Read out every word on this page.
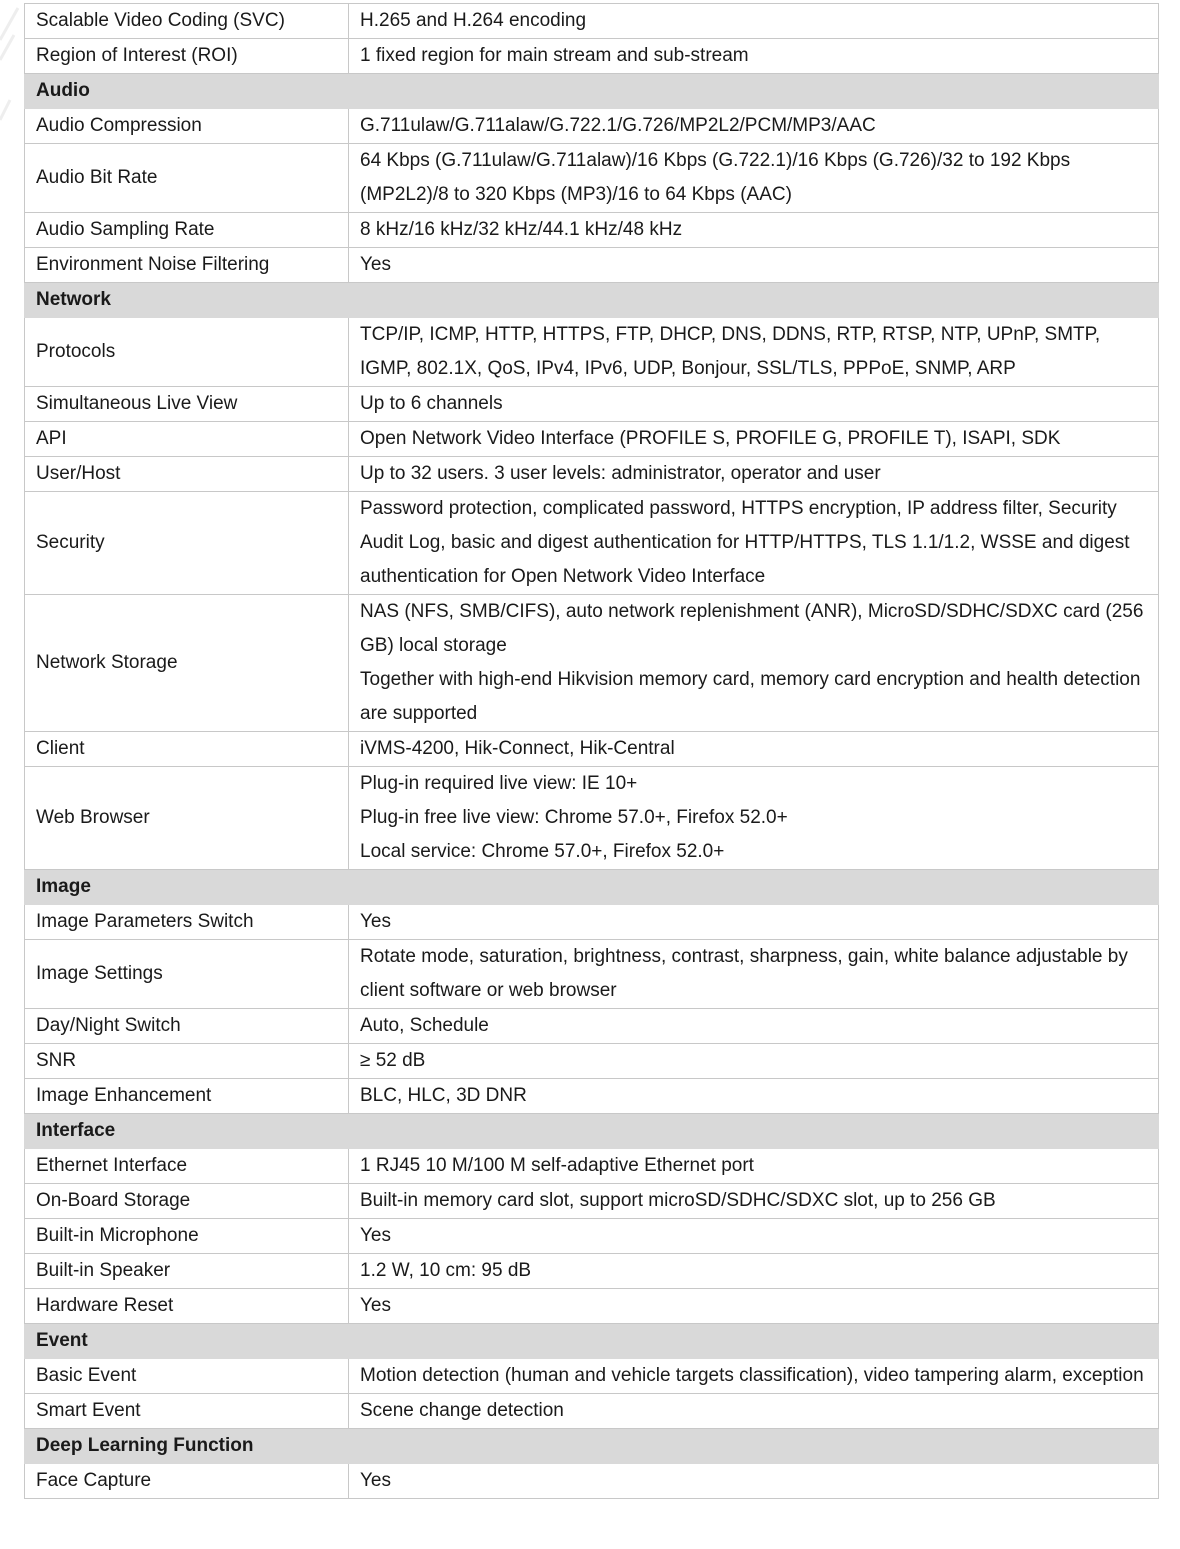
Scalable Video Coding (SVC)	H.265 and H.264 encoding

Region of Interest (ROI)	1 fixed region for main stream and sub-stream

Audio	
Audio Compression	G.711ulaw/G.711alaw/G.722.1/G.726/MP2L2/PCM/MP3/AAC

Audio Bit Rate	64 Kbps (G.711ulaw/G.711alaw)/16 Kbps (G.722.1)/16 Kbps (G.726)/32 to 192 Kbps (MP2L2)/8 to 320 Kbps (MP3)/16 to 64 Kbps (AAC)

Audio Sampling Rate	8 kHz/16 kHz/32 kHz/44.1 kHz/48 kHz

Environment Noise Filtering	Yes

Network	
Protocols	TCP/IP, ICMP, HTTP, HTTPS, FTP, DHCP, DNS, DDNS, RTP, RTSP, NTP, UPnP, SMTP, IGMP, 802.1X, QoS, IPv4, IPv6, UDP, Bonjour, SSL/TLS, PPPoE, SNMP, ARP

Simultaneous Live View	Up to 6 channels

API	Open Network Video Interface (PROFILE S, PROFILE G, PROFILE T), ISAPI, SDK

User/Host	Up to 32 users. 3 user levels: administrator, operator and user

Security	Password protection, complicated password, HTTPS encryption, IP address filter, Security Audit Log, basic and digest authentication for HTTP/HTTPS, TLS 1.1/1.2, WSSE and digest authentication for Open Network Video Interface

Network Storage	NAS (NFS, SMB/CIFS), auto network replenishment (ANR), MicroSD/SDHC/SDXC card (256 GB) local storage
Together with high-end Hikvision memory card, memory card encryption and health detection are supported

Client	iVMS-4200, Hik-Connect, Hik-Central

Web Browser	Plug-in required live view: IE 10+
Plug-in free live view: Chrome 57.0+, Firefox 52.0+
Local service: Chrome 57.0+, Firefox 52.0+

Image	
Image Parameters Switch	Yes

Image Settings	Rotate mode, saturation, brightness, contrast, sharpness, gain, white balance adjustable by client software or web browser

Day/Night Switch	Auto, Schedule

SNR	≥ 52 dB

Image Enhancement	BLC, HLC, 3D DNR

Interface	
Ethernet Interface	1 RJ45 10 M/100 M self-adaptive Ethernet port

On-Board Storage	Built-in memory card slot, support microSD/SDHC/SDXC slot, up to 256 GB

Built-in Microphone	Yes

Built-in Speaker	1.2 W, 10 cm: 95 dB

Hardware Reset	Yes

Event	
Basic Event	Motion detection (human and vehicle targets classification), video tampering alarm, exception

Smart Event	Scene change detection

Deep Learning Function	
Face Capture	Yes
